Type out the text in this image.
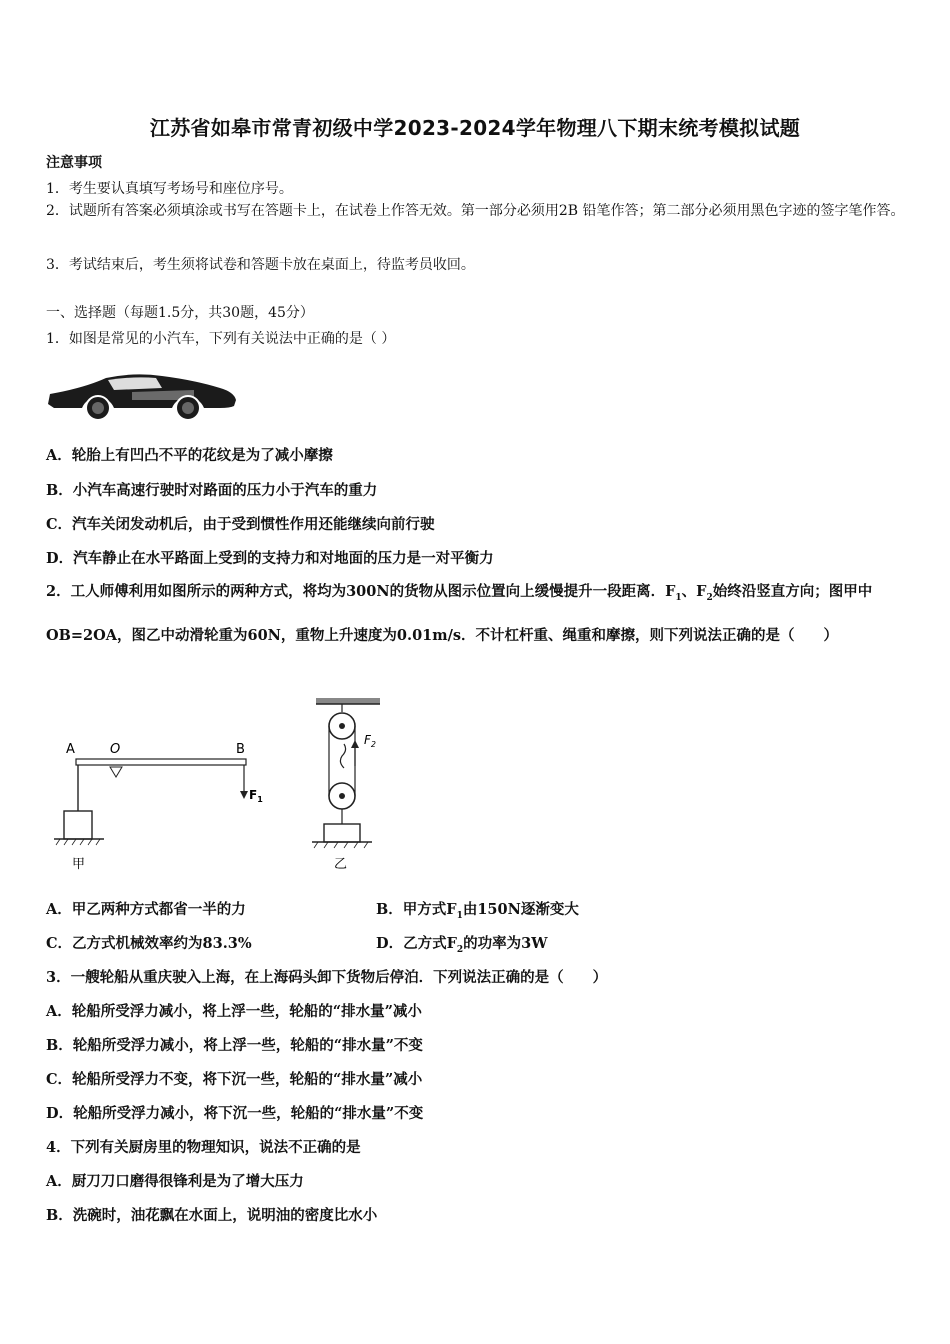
江苏省如皋市常青初级中学2023-2024学年物理八下期末统考模拟试题
注意事项
1．考生要认真填写考场号和座位序号。
2．试题所有答案必须填涂或书写在答题卡上，在试卷上作答无效。第一部分必须用2B 铅笔作答；第二部分必须用黑色字迹的签字笔作答。
3．考试结束后，考生须将试卷和答题卡放在桌面上，待监考员收回。
一、选择题（每题1.5分，共30题，45分）
1．如图是常见的小汽车，下列有关说法中正确的是（ ）
A．轮胎上有凹凸不平的花纹是为了减小摩擦
B．小汽车高速行驶时对路面的压力小于汽车的重力
C．汽车关闭发动机后，由于受到惯性作用还能继续向前行驶
D．汽车静止在水平路面上受到的支持力和对地面的压力是一对平衡力
2．工人师傅利用如图所示的两种方式，将均为300N的货物从图示位置向上缓慢提升一段距离．$F_1$、$F_2$始终沿竖直方向；图甲中OB=2OA，图乙中动滑轮重为60N，重物上升速度为0.01m/s．不计杠杆重、绳重和摩擦，则下列说法正确的是（　　）
A	O	B
$F_1$
甲
$F_2$
乙
A．甲乙两种方式都省一半的力	B．甲方式$F_1$由150N逐渐变大
C．乙方式机械效率约为83.3%	D．乙方式$F_2$的功率为3W
3．一艘轮船从重庆驶入上海，在上海码头卸下货物后停泊．下列说法正确的是（　　）
A．轮船所受浮力减小，将上浮一些，轮船的“排水量”减小
B．轮船所受浮力减小，将上浮一些，轮船的“排水量”不变
C．轮船所受浮力不变，将下沉一些，轮船的“排水量”减小
D．轮船所受浮力减小，将下沉一些，轮船的“排水量”不变
4．下列有关厨房里的物理知识，说法不正确的是
A．厨刀刀口磨得很锋利是为了增大压力
B．洗碗时，油花飘在水面上，说明油的密度比水小
